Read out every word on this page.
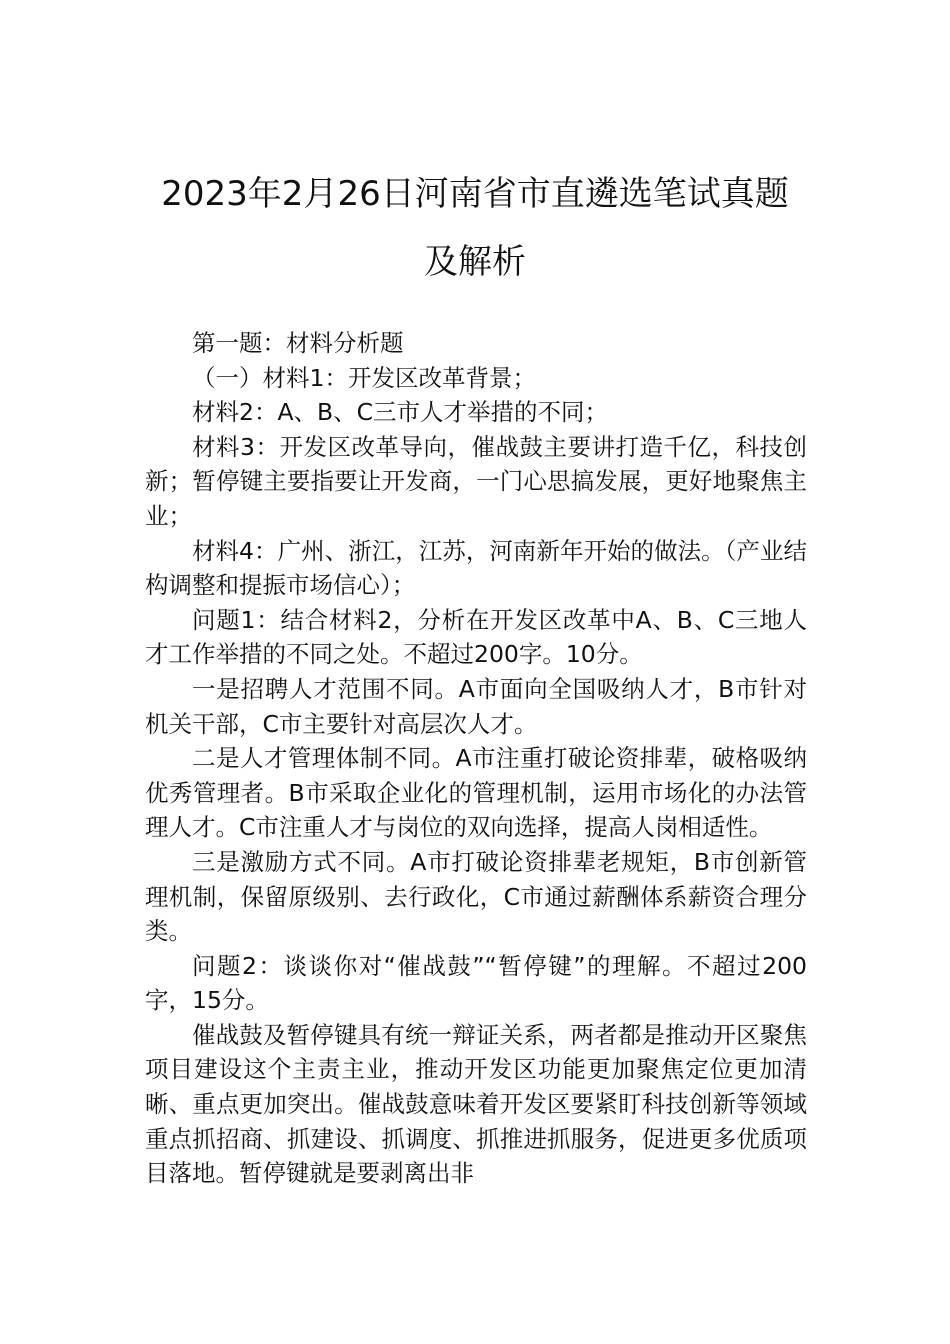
2023年2月26日河南省市直遴选笔试真题
及解析

第一题：材料分析题

（一）材料1：开发区改革背景；

材料2：A、B、C三市人才举措的不同；

材料3：开发区改革导向，催战鼓主要讲打造千亿，科技创新；暂停键主要指要让开发商，一门心思搞发展，更好地聚焦主业；

材料4：广州、浙江，江苏，河南新年开始的做法。（产业结构调整和提振市场信心）；

问题1：结合材料2，分析在开发区改革中A、B、C三地人才工作举措的不同之处。不超过200字。10分。

一是招聘人才范围不同。A市面向全国吸纳人才，B市针对机关干部，C市主要针对高层次人才。

二是人才管理体制不同。A市注重打破论资排辈，破格吸纳优秀管理者。B市采取企业化的管理机制，运用市场化的办法管理人才。C市注重人才与岗位的双向选择，提高人岗相适性。

三是激励方式不同。A市打破论资排辈老规矩，B市创新管理机制，保留原级别、去行政化，C市通过薪酬体系薪资合理分类。

问题2：谈谈你对“催战鼓”“暂停键”的理解。不超过200字，15分。

催战鼓及暂停键具有统一辩证关系，两者都是推动开区聚焦项目建设这个主责主业，推动开发区功能更加聚焦定位更加清晰、重点更加突出。催战鼓意味着开发区要紧盯科技创新等领域重点抓招商、抓建设、抓调度、抓推进抓服务，促进更多优质项目落地。暂停键就是要剥离出非
